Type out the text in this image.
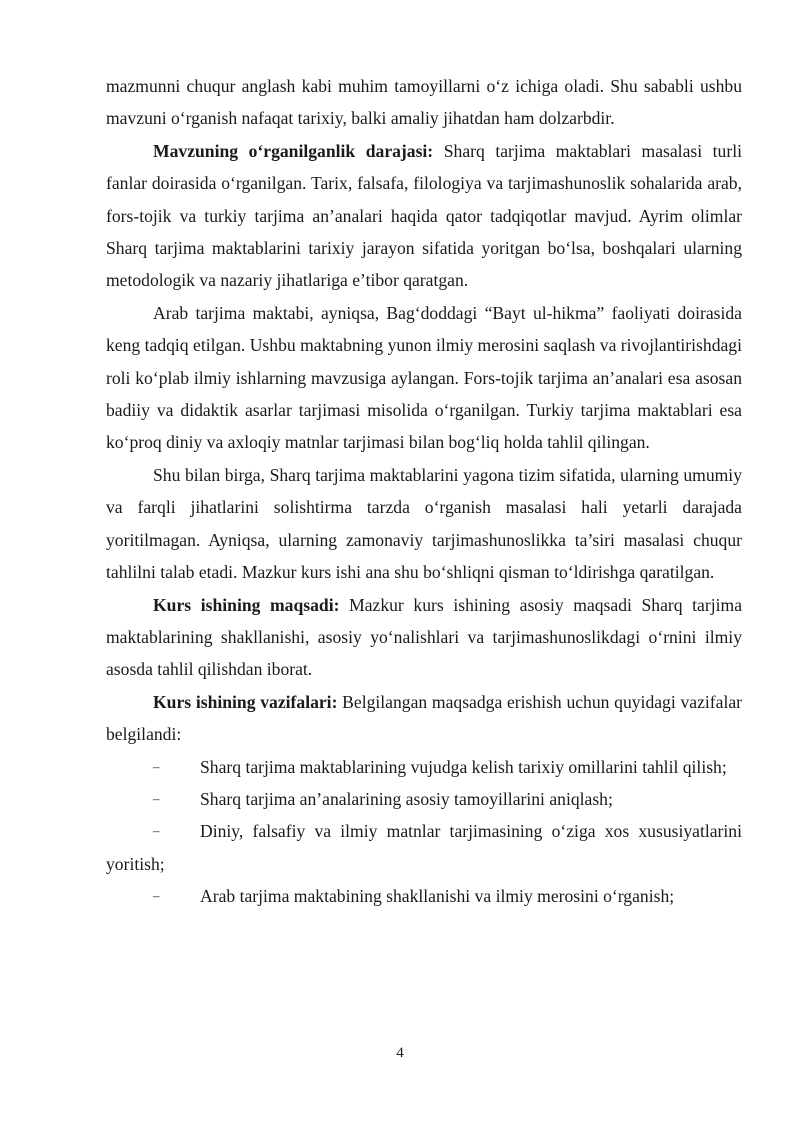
mazmunni chuqur anglash kabi muhim tamoyillarni o‘z ichiga oladi. Shu sababli ushbu mavzuni o‘rganish nafaqat tarixiy, balki amaliy jihatdan ham dolzarbdir.

Mavzuning o‘rganilganlik darajasi: Sharq tarjima maktablari masalasi turli fanlar doirasida o‘rganilgan. Tarix, falsafa, filologiya va tarjimashunoslik sohalarida arab, fors-tojik va turkiy tarjima an’analari haqida qator tadqiqotlar mavjud. Ayrim olimlar Sharq tarjima maktablarini tarixiy jarayon sifatida yoritgan bo‘lsa, boshqalari ularning metodologik va nazariy jihatlariga e’tibor qaratgan.

Arab tarjima maktabi, ayniqsa, Bag‘doddagi “Bayt ul-hikma” faoliyati doirasida keng tadqiq etilgan. Ushbu maktabning yunon ilmiy merosini saqlash va rivojlantirishdagi roli ko‘plab ilmiy ishlarning mavzusiga aylangan. Fors-tojik tarjima an’analari esa asosan badiiy va didaktik asarlar tarjimasi misolida o‘rganilgan. Turkiy tarjima maktablari esa ko‘proq diniy va axloqiy matnlar tarjimasi bilan bog‘liq holda tahlil qilingan.

Shu bilan birga, Sharq tarjima maktablarini yagona tizim sifatida, ularning umumiy va farqli jihatlarini solishtirma tarzda o‘rganish masalasi hali yetarli darajada yoritilmagan. Ayniqsa, ularning zamonaviy tarjimashunoslikka ta’siri masalasi chuqur tahlilni talab etadi. Mazkur kurs ishi ana shu bo‘shliqni qisman to‘ldirishga qaratilgan.

Kurs ishining maqsadi: Mazkur kurs ishining asosiy maqsadi Sharq tarjima maktablarining shakllanishi, asosiy yo‘nalishlari va tarjimashunoslikdagi o‘rnini ilmiy asosda tahlil qilishdan iborat.

Kurs ishining vazifalari: Belgilangan maqsadga erishish uchun quyidagi vazifalar belgilandi:

– Sharq tarjima maktablarining vujudga kelish tarixiy omillarini tahlil qilish;

– Sharq tarjima an’analarining asosiy tamoyillarini aniqlash;

– Diniy, falsafiy va ilmiy matnlar tarjimasining o‘ziga xos xususiyatlarini yoritish;

– Arab tarjima maktabining shakllanishi va ilmiy merosini o‘rganish;

4
